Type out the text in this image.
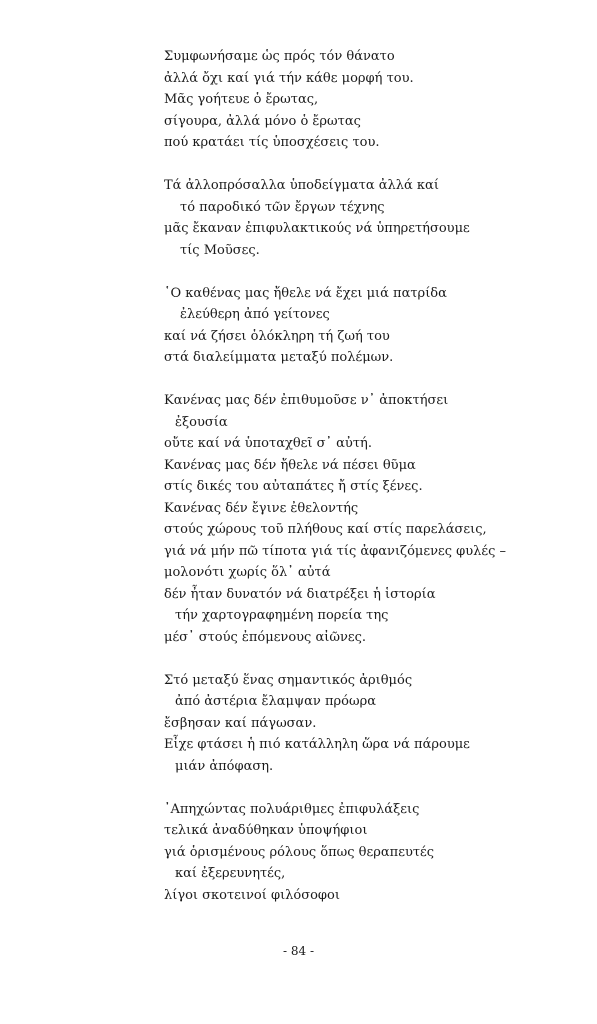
Συμφωνήσαμε ὡς πρός τόν θάνατο
ἀλλά ὄχι καί γιά τήν κάθε μορφή του.
Μᾶς γοήτευε ὁ ἔρωτας,
σίγουρα, ἀλλά μόνο ὁ ἔρωτας
πού κρατάει τίς ὑποσχέσεις του.
Τά ἀλλοπρόσαλλα ὑποδείγματα ἀλλά καί
τό παροδικό τῶν ἔργων τέχνης
μᾶς ἔκαναν ἐπιφυλακτικούς νά ὑπηρετήσουμε
τίς Μοῦσες.
῾Ο καθένας μας ἤθελε νά ἔχει μιά πατρίδα
ἐλεύθερη ἀπό γείτονες
καί νά ζήσει ὁλόκληρη τή ζωή του
στά διαλείμματα μεταξύ πολέμων.
Κανένας μας δέν ἐπιθυμοῦσε ν᾽ ἀποκτήσει
ἐξουσία
οὔτε καί νά ὑποταχθεῖ σ᾽ αὐτή.
Κανένας μας δέν ἤθελε νά πέσει θῦμα
στίς δικές του αὐταπάτες ἤ στίς ξένες.
Κανένας δέν ἔγινε ἐθελοντής
στούς χώρους τοῦ πλήθους καί στίς παρελάσεις,
γιά νά μήν πῶ τίποτα γιά τίς ἀφανιζόμενες φυλές –
μολονότι χωρίς ὅλ᾽ αὐτά
δέν ἦταν δυνατόν νά διατρέξει ἡ ἱστορία
τήν χαρτογραφημένη πορεία της
μέσ᾽ στούς ἐπόμενους αἰῶνες.
Στό μεταξύ ἕνας σημαντικός ἀριθμός
ἀπό ἀστέρια ἔλαμψαν πρόωρα
ἔσβησαν καί πάγωσαν.
Εἶχε φτάσει ἡ πιό κατάλληλη ὥρα νά πάρουμε
μιάν ἀπόφαση.
᾿Απηχώντας πολυάριθμες ἐπιφυλάξεις
τελικά ἀναδύθηκαν ὑποψήφιοι
γιά ὁρισμένους ρόλους ὅπως θεραπευτές
καί ἐξερευνητές,
λίγοι σκοτεινοί φιλόσοφοι
- 84 -
